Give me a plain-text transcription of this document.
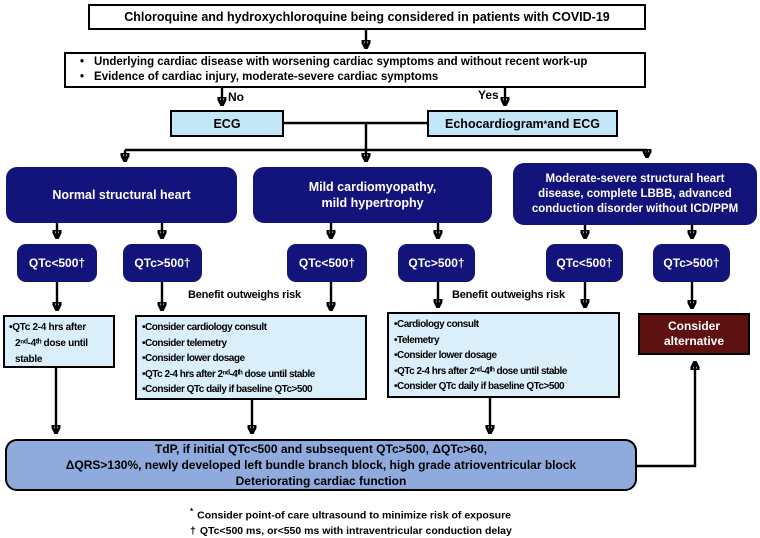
Chloroquine and hydroxychloroquine being considered in patients with COVID-19
• Underlying cardiac disease with worsening cardiac symptoms and without recent work-up
• Evidence of cardiac injury, moderate-severe cardiac symptoms
No	Yes
ECG	Echocardiogram * and ECG
Normal structural heart
Mild cardiomyopathy,
mild hypertrophy
Moderate-severe structural heart
disease, complete LBBB, advanced
conduction disorder without ICD/PPM
QTc<500†	QTc>500†	QTc<500†	QTc>500†	QTc<500†	QTc>500†
Benefit outweighs risk	Benefit outweighs risk
•QTc 2-4 hrs after
2ⁿᵈ-4ᵗʰ dose until
stable
•Consider cardiology consult
•Consider telemetry
•Consider lower dosage
•QTc 2-4 hrs after 2ⁿᵈ-4ᵗʰ dose until stable
•Consider QTc daily if baseline QTc>500
•Cardiology consult
•Telemetry
•Consider lower dosage
•QTc 2-4 hrs after 2ⁿᵈ-4ᵗʰ dose until stable
•Consider QTc daily if baseline QTc>500
Consider
alternative
TdP, if initial QTc<500 and subsequent QTc>500, ΔQTc>60,
ΔQRS>130%, newly developed left bundle branch block, high grade atrioventricular block
Deteriorating cardiac function
* Consider point-of care ultrasound to minimize risk of exposure
† QTc<500 ms, or<550 ms with intraventricular conduction delay
